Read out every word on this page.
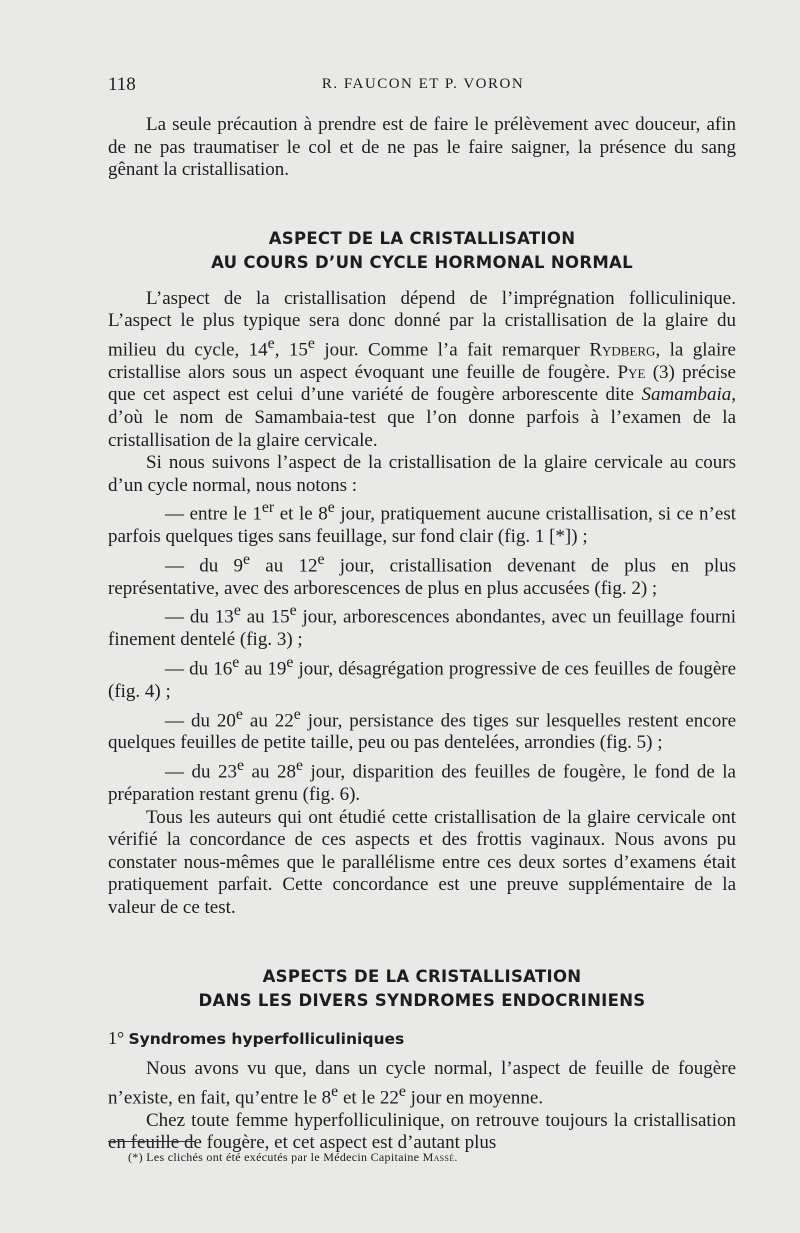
118	R. FAUCON ET P. VORON

La seule précaution à prendre est de faire le prélèvement avec douceur, afin de ne pas traumatiser le col et de ne pas le faire saigner, la présence du sang gênant la cristallisation.

ASPECT DE LA CRISTALLISATION
AU COURS D’UN CYCLE HORMONAL NORMAL

L’aspect de la cristallisation dépend de l’imprégnation folliculinique. L’aspect le plus typique sera donc donné par la cristallisation de la glaire du milieu du cycle, 14e, 15e jour. Comme l’a fait remarquer Rydberg, la glaire cristallise alors sous un aspect évoquant une feuille de fougère. Pye (3) précise que cet aspect est celui d’une variété de fougère arborescente dite Samambaia, d’où le nom de Samambaia-test que l’on donne parfois à l’examen de la cristallisation de la glaire cervicale.

Si nous suivons l’aspect de la cristallisation de la glaire cervicale au cours d’un cycle normal, nous notons :

— entre le 1er et le 8e jour, pratiquement aucune cristallisation, si ce n’est parfois quelques tiges sans feuillage, sur fond clair (fig. 1 [*]) ;

— du 9e au 12e jour, cristallisation devenant de plus en plus représentative, avec des arborescences de plus en plus accusées (fig. 2) ;

— du 13e au 15e jour, arborescences abondantes, avec un feuillage fourni finement dentelé (fig. 3) ;

— du 16e au 19e jour, désagrégation progressive de ces feuilles de fougère (fig. 4) ;

— du 20e au 22e jour, persistance des tiges sur lesquelles restent encore quelques feuilles de petite taille, peu ou pas dentelées, arrondies (fig. 5) ;

— du 23e au 28e jour, disparition des feuilles de fougère, le fond de la préparation restant grenu (fig. 6).

Tous les auteurs qui ont étudié cette cristallisation de la glaire cervicale ont vérifié la concordance de ces aspects et des frottis vaginaux. Nous avons pu constater nous-mêmes que le parallélisme entre ces deux sortes d’examens était pratiquement parfait. Cette concordance est une preuve supplémentaire de la valeur de ce test.

ASPECTS DE LA CRISTALLISATION
DANS LES DIVERS SYNDROMES ENDOCRINIENS
1° Syndromes hyperfolliculiniques

Nous avons vu que, dans un cycle normal, l’aspect de feuille de fougère n’existe, en fait, qu’entre le 8e et le 22e jour en moyenne.

Chez toute femme hyperfolliculinique, on retrouve toujours la cristallisation en feuille de fougère, et cet aspect est d’autant plus

(*) Les clichés ont été exécutés par le Médecin Capitaine Massé.
